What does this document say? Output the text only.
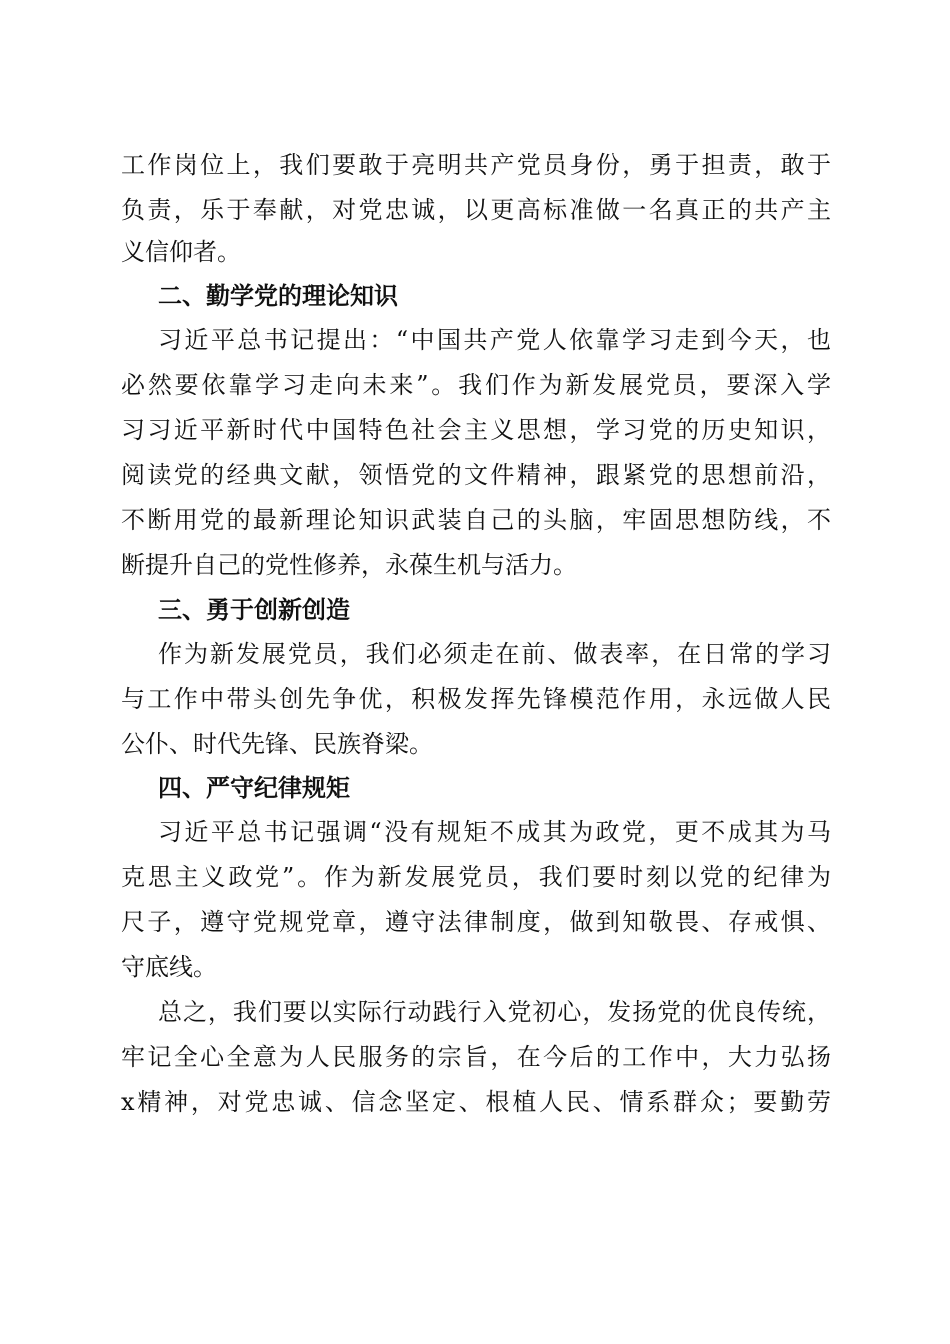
工作岗位上，我们要敢于亮明共产党员身份，勇于担责，敢于
负责，乐于奉献，对党忠诚，以更高标准做一名真正的共产主
义信仰者。
二、勤学党的理论知识
习近平总书记提出：“中国共产党人依靠学习走到今天，也
必然要依靠学习走向未来”。我们作为新发展党员，要深入学
习习近平新时代中国特色社会主义思想，学习党的历史知识，
阅读党的经典文献，领悟党的文件精神，跟紧党的思想前沿，
不断用党的最新理论知识武装自己的头脑，牢固思想防线，不
断提升自己的党性修养，永葆生机与活力。
三、勇于创新创造
作为新发展党员，我们必须走在前、做表率，在日常的学习
与工作中带头创先争优，积极发挥先锋模范作用，永远做人民
公仆、时代先锋、民族脊梁。
四、严守纪律规矩
习近平总书记强调“没有规矩不成其为政党，更不成其为马
克思主义政党”。作为新发展党员，我们要时刻以党的纪律为
尺子，遵守党规党章，遵守法律制度，做到知敬畏、存戒惧、
守底线。
总之，我们要以实际行动践行入党初心，发扬党的优良传统，
牢记全心全意为人民服务的宗旨，在今后的工作中，大力弘扬
x精神，对党忠诚、信念坚定、根植人民、情系群众；要勤劳
